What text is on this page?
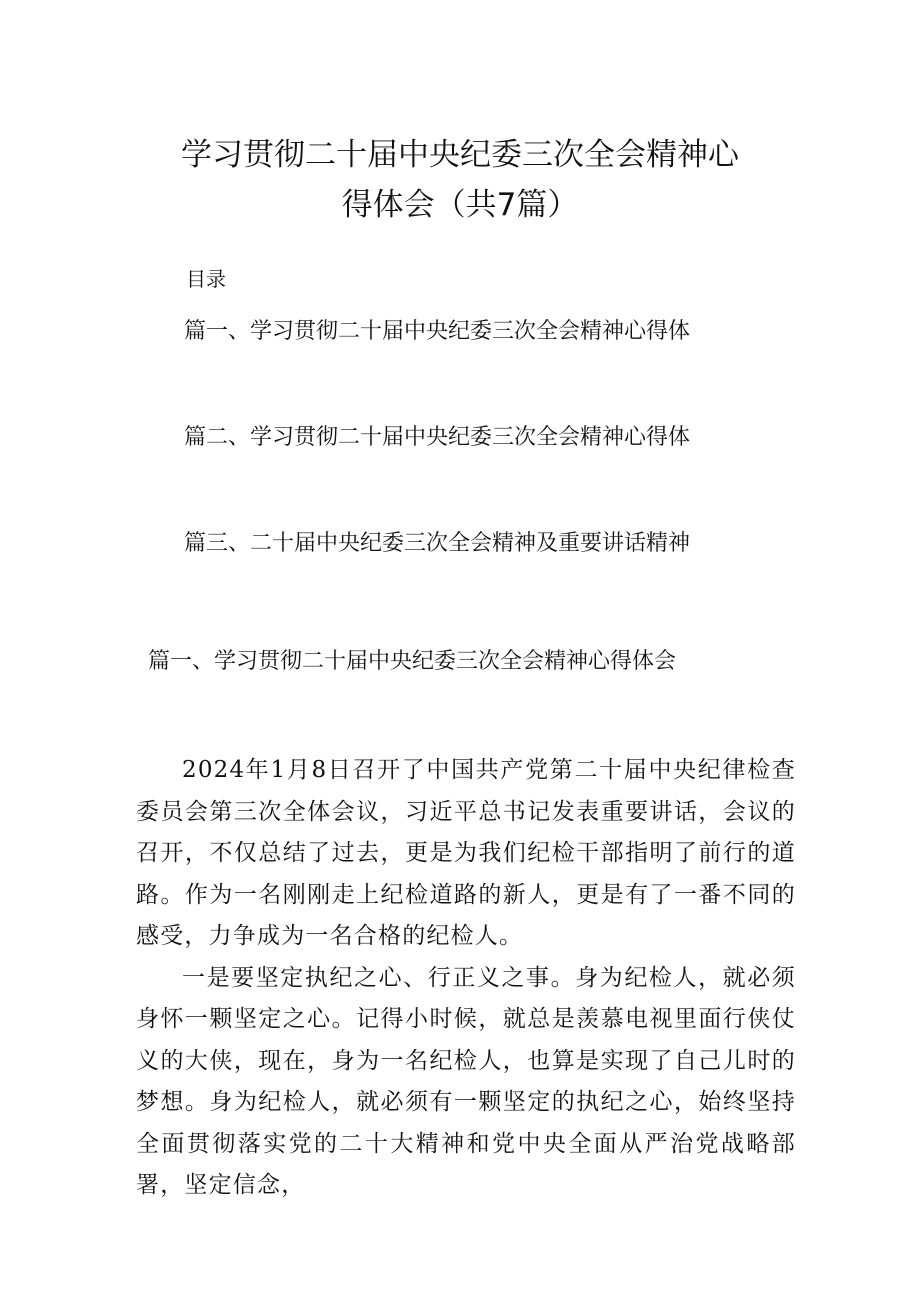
学习贯彻二十届中央纪委三次全会精神心
得体会（共7篇）
目录
篇一、学习贯彻二十届中央纪委三次全会精神心得体
篇二、学习贯彻二十届中央纪委三次全会精神心得体
篇三、二十届中央纪委三次全会精神及重要讲话精神
篇一、学习贯彻二十届中央纪委三次全会精神心得体会

2024年1月8日召开了中国共产党第二十届中央纪律检查委员会第三次全体会议，习近平总书记发表重要讲话，会议的召开，不仅总结了过去，更是为我们纪检干部指明了前行的道路。作为一名刚刚走上纪检道路的新人，更是有了一番不同的感受，力争成为一名合格的纪检人。

一是要坚定执纪之心、行正义之事。身为纪检人，就必须身怀一颗坚定之心。记得小时候，就总是羡慕电视里面行侠仗义的大侠，现在，身为一名纪检人，也算是实现了自己儿时的梦想。身为纪检人，就必须有一颗坚定的执纪之心，始终坚持全面贯彻落实党的二十大精神和党中央全面从严治党战略部署，坚定信念，
